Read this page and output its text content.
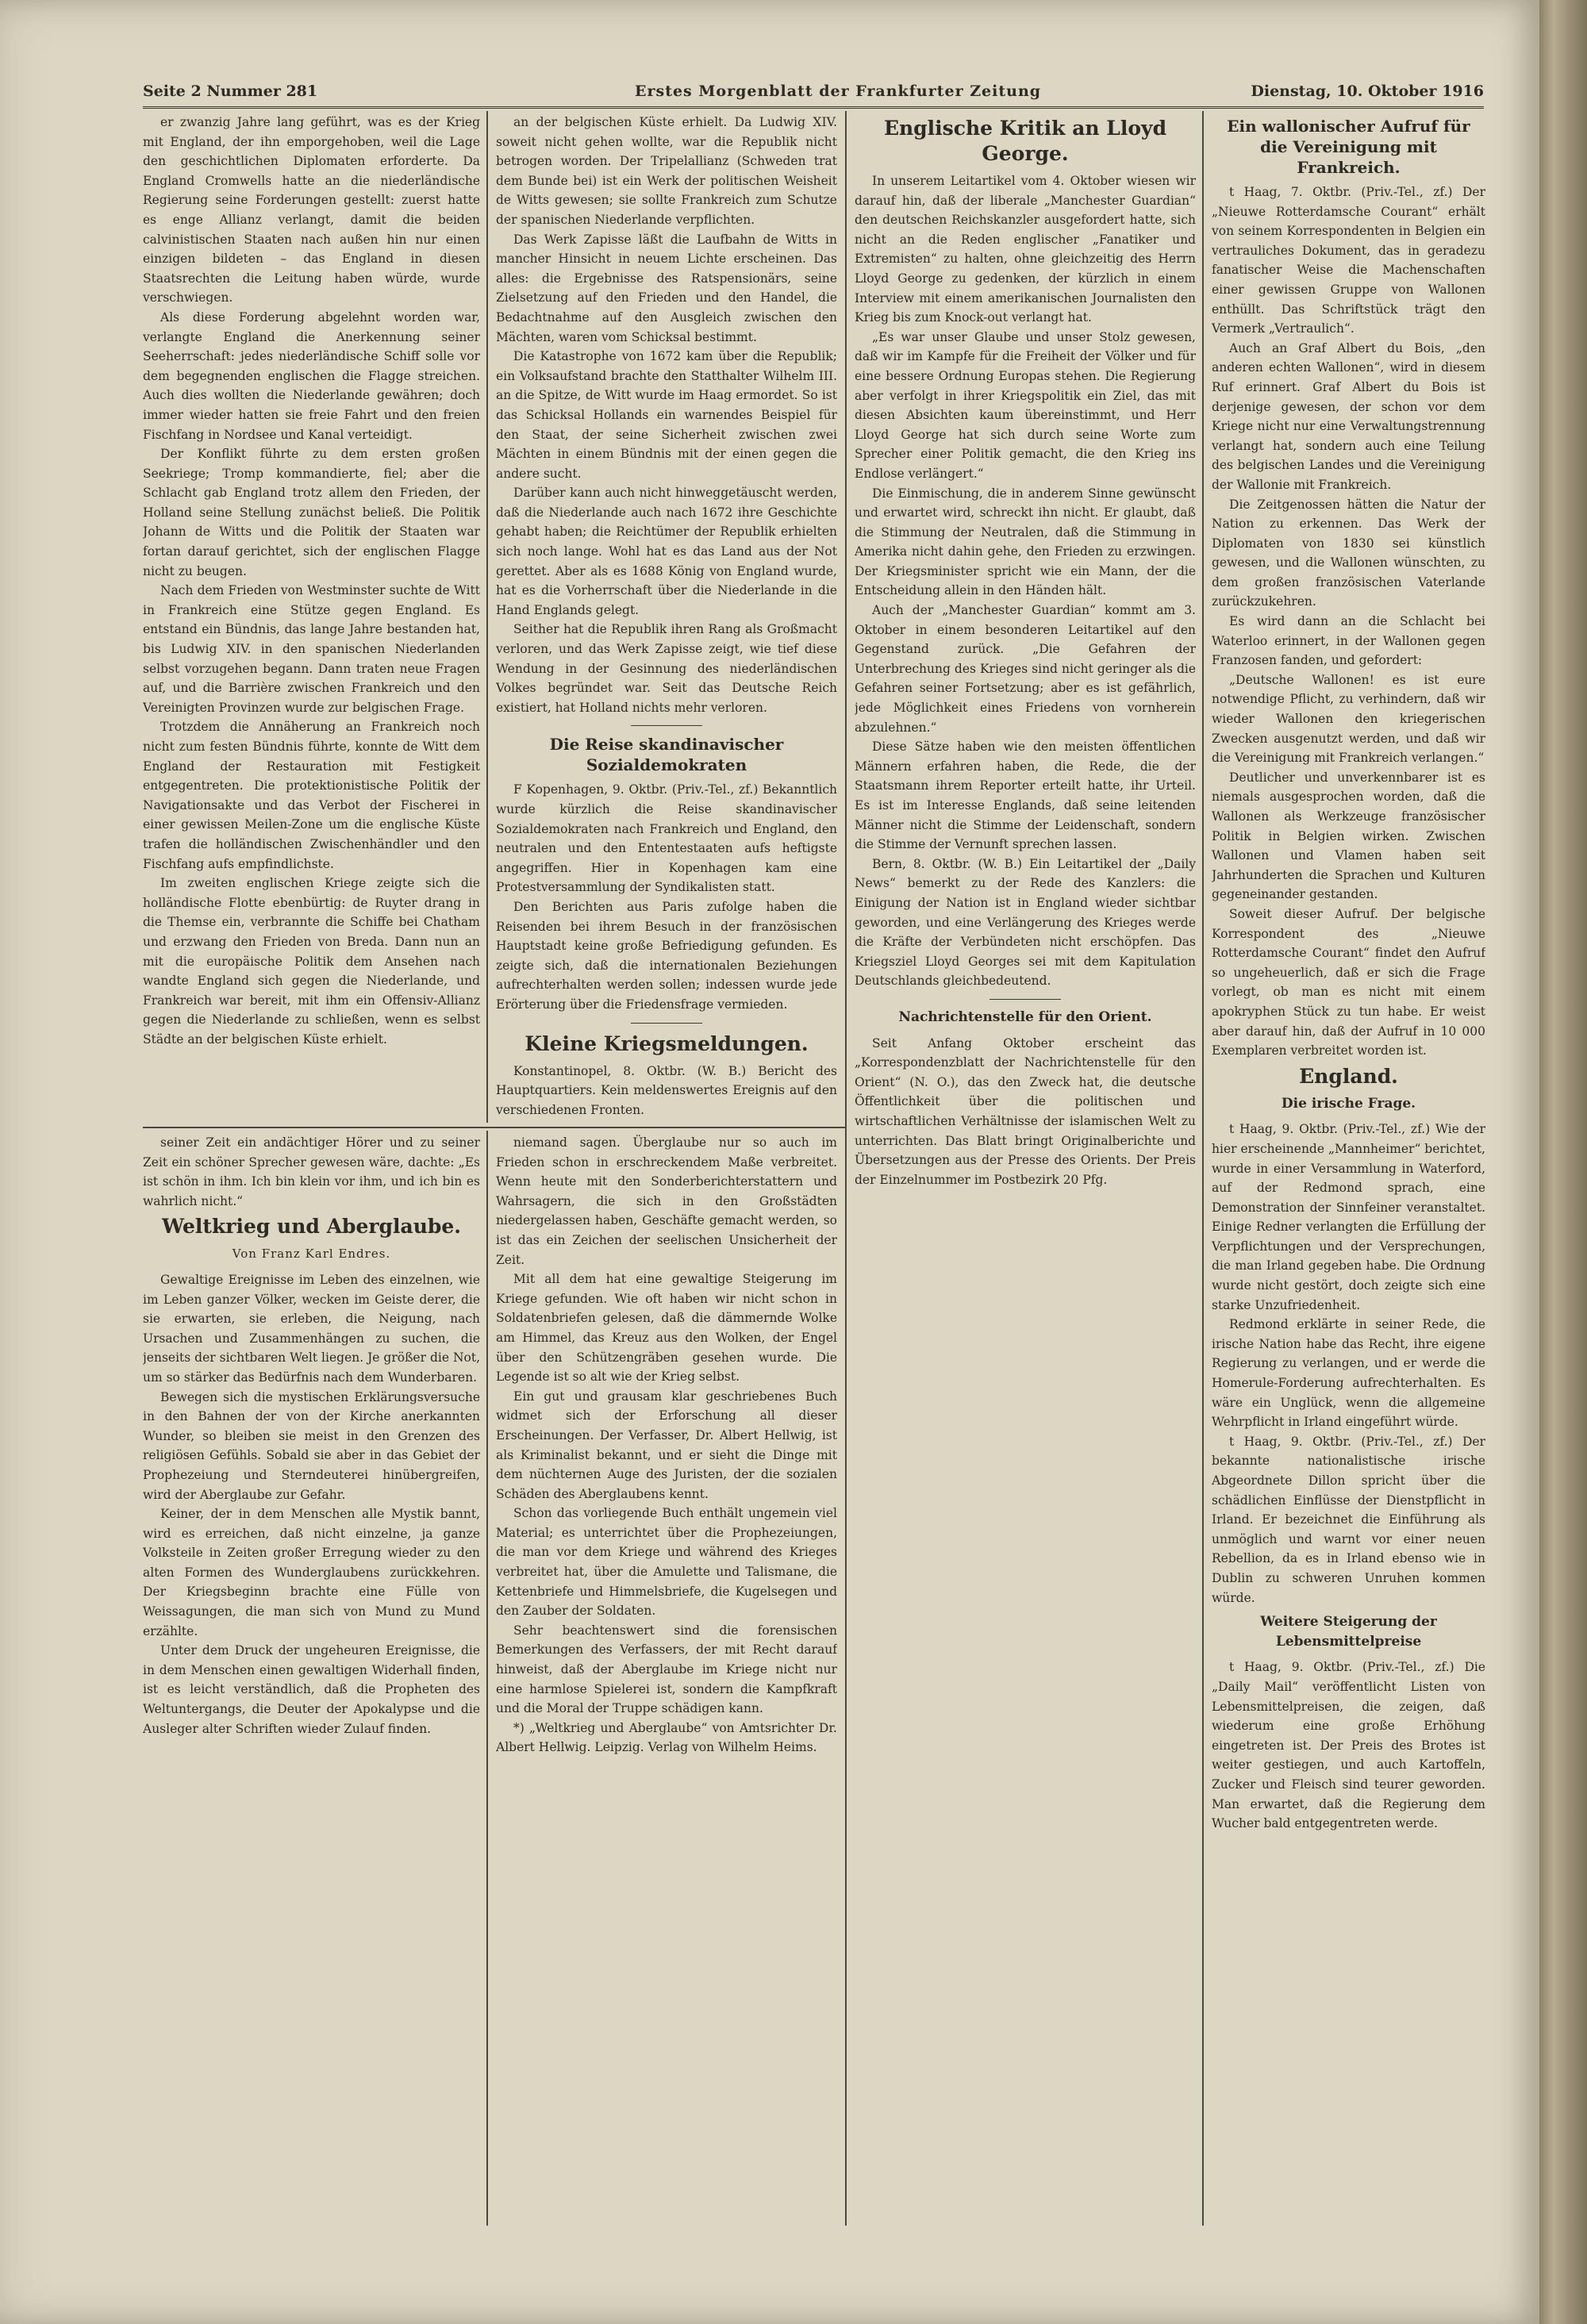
Seite 2 Nummer 281	Erstes Morgenblatt der Frankfurter Zeitung	Dienstag, 10. Oktober 1916

er zwanzig Jahre lang geführt, was es der Krieg mit England, der ihn emporgehoben, weil die Lage den geschichtlichen Diplomaten erforderte. Da England Cromwells hatte an die niederländische Regierung seine Forderungen gestellt: zuerst hatte es enge Allianz verlangt, damit die beiden calvinistischen Staaten nach außen hin nur einen einzigen bildeten – das England in diesen Staatsrechten die Leitung haben würde, wurde verschwiegen.

Als diese Forderung abgelehnt worden war, verlangte England die Anerkennung seiner Seeherrschaft: jedes niederländische Schiff solle vor dem begegnenden englischen die Flagge streichen. Auch dies wollten die Niederlande gewähren; doch immer wieder hatten sie freie Fahrt und den freien Fischfang in Nordsee und Kanal verteidigt.

Der Konflikt führte zu dem ersten großen Seekriege; Tromp kommandierte, fiel; aber die Schlacht gab England trotz allem den Frieden, der Holland seine Stellung zunächst beließ. Die Politik Johann de Witts und die Politik der Staaten war fortan darauf gerichtet, sich der englischen Flagge nicht zu beugen.

Nach dem Frieden von Westminster suchte de Witt in Frankreich eine Stütze gegen England. Es entstand ein Bündnis, das lange Jahre bestanden hat, bis Ludwig XIV. in den spanischen Niederlanden selbst vorzugehen begann. Dann traten neue Fragen auf, und die Barrière zwischen Frankreich und den Vereinigten Provinzen wurde zur belgischen Frage.

Trotzdem die Annäherung an Frankreich noch nicht zum festen Bündnis führte, konnte de Witt dem England der Restauration mit Festigkeit entgegentreten. Die protektionistische Politik der Navigationsakte und das Verbot der Fischerei in einer gewissen Meilen-Zone um die englische Küste trafen die holländischen Zwischenhändler und den Fischfang aufs empfindlichste.

Im zweiten englischen Kriege zeigte sich die holländische Flotte ebenbürtig: de Ruyter drang in die Themse ein, verbrannte die Schiffe bei Chatham und erzwang den Frieden von Breda. Dann nun an mit die europäische Politik dem Ansehen nach wandte England sich gegen die Niederlande, und Frankreich war bereit, mit ihm ein Offensiv-Allianz gegen die Niederlande zu schließen, wenn es selbst Städte an der belgischen Küste erhielt.

an der belgischen Küste erhielt. Da Ludwig XIV. soweit nicht gehen wollte, war die Republik nicht betrogen worden. Der Tripelallianz (Schweden trat dem Bunde bei) ist ein Werk der politischen Weisheit de Witts gewesen; sie sollte Frankreich zum Schutze der spanischen Niederlande verpflichten.

Das Werk Zapisse läßt die Laufbahn de Witts in mancher Hinsicht in neuem Lichte erscheinen. Das alles: die Ergebnisse des Ratspensionärs, seine Zielsetzung auf den Frieden und den Handel, die Bedachtnahme auf den Ausgleich zwischen den Mächten, waren vom Schicksal bestimmt.

Die Katastrophe von 1672 kam über die Republik; ein Volksaufstand brachte den Statthalter Wilhelm III. an die Spitze, de Witt wurde im Haag ermordet. So ist das Schicksal Hollands ein warnendes Beispiel für den Staat, der seine Sicherheit zwischen zwei Mächten in einem Bündnis mit der einen gegen die andere sucht.

Darüber kann auch nicht hinweggetäuscht werden, daß die Niederlande auch nach 1672 ihre Geschichte gehabt haben; die Reichtümer der Republik erhielten sich noch lange. Wohl hat es das Land aus der Not gerettet. Aber als es 1688 König von England wurde, hat es die Vorherrschaft über die Niederlande in die Hand Englands gelegt.

Seither hat die Republik ihren Rang als Großmacht verloren, und das Werk Zapisse zeigt, wie tief diese Wendung in der Gesinnung des niederländischen Volkes begründet war. Seit das Deutsche Reich existiert, hat Holland nichts mehr verloren.

Die Reise skandinavischer Sozialdemokraten

F Kopenhagen, 9. Oktbr. (Priv.-Tel., zf.) Bekanntlich wurde kürzlich die Reise skandinavischer Sozialdemokraten nach Frankreich und England, den neutralen und den Ententestaaten aufs heftigste angegriffen. Hier in Kopenhagen kam eine Protestversammlung der Syndikalisten statt.

Den Berichten aus Paris zufolge haben die Reisenden bei ihrem Besuch in der französischen Hauptstadt keine große Befriedigung gefunden. Es zeigte sich, daß die internationalen Beziehungen aufrechterhalten werden sollen; indessen wurde jede Erörterung über die Friedensfrage vermieden.

Kleine Kriegsmeldungen.

Konstantinopel, 8. Oktbr. (W. B.) Bericht des Hauptquartiers. Kein meldenswertes Ereignis auf den verschiedenen Fronten.

seiner Zeit ein andächtiger Hörer und zu seiner Zeit ein schöner Sprecher gewesen wäre, dachte: „Es ist schön in ihm. Ich bin klein vor ihm, und ich bin es wahrlich nicht.“

Weltkrieg und Aberglaube.
Von Franz Karl Endres.

Gewaltige Ereignisse im Leben des einzelnen, wie im Leben ganzer Völker, wecken im Geiste derer, die sie erwarten, sie erleben, die Neigung, nach Ursachen und Zusammenhängen zu suchen, die jenseits der sichtbaren Welt liegen. Je größer die Not, um so stärker das Bedürfnis nach dem Wunderbaren.

Bewegen sich die mystischen Erklärungsversuche in den Bahnen der von der Kirche anerkannten Wunder, so bleiben sie meist in den Grenzen des religiösen Gefühls. Sobald sie aber in das Gebiet der Prophezeiung und Sterndeuterei hinübergreifen, wird der Aberglaube zur Gefahr.

Keiner, der in dem Menschen alle Mystik bannt, wird es erreichen, daß nicht einzelne, ja ganze Volksteile in Zeiten großer Erregung wieder zu den alten Formen des Wunderglaubens zurückkehren. Der Kriegsbeginn brachte eine Fülle von Weissagungen, die man sich von Mund zu Mund erzählte.

Unter dem Druck der ungeheuren Ereignisse, die in dem Menschen einen gewaltigen Widerhall finden, ist es leicht verständlich, daß die Propheten des Weltuntergangs, die Deuter der Apokalypse und die Ausleger alter Schriften wieder Zulauf finden.

niemand sagen. Überglaube nur so auch im Frieden schon in erschreckendem Maße verbreitet. Wenn heute mit den Sonderberichterstattern und Wahrsagern, die sich in den Großstädten niedergelassen haben, Geschäfte gemacht werden, so ist das ein Zeichen der seelischen Unsicherheit der Zeit.

Mit all dem hat eine gewaltige Steigerung im Kriege gefunden. Wie oft haben wir nicht schon in Soldatenbriefen gelesen, daß die dämmernde Wolke am Himmel, das Kreuz aus den Wolken, der Engel über den Schützengräben gesehen wurde. Die Legende ist so alt wie der Krieg selbst.

Ein gut und grausam klar geschriebenes Buch widmet sich der Erforschung all dieser Erscheinungen. Der Verfasser, Dr. Albert Hellwig, ist als Kriminalist bekannt, und er sieht die Dinge mit dem nüchternen Auge des Juristen, der die sozialen Schäden des Aberglaubens kennt.

Schon das vorliegende Buch enthält ungemein viel Material; es unterrichtet über die Prophezeiungen, die man vor dem Kriege und während des Krieges verbreitet hat, über die Amulette und Talismane, die Kettenbriefe und Himmelsbriefe, die Kugelsegen und den Zauber der Soldaten.

Sehr beachtenswert sind die forensischen Bemerkungen des Verfassers, der mit Recht darauf hinweist, daß der Aberglaube im Kriege nicht nur eine harmlose Spielerei ist, sondern die Kampfkraft und die Moral der Truppe schädigen kann.

*) „Weltkrieg und Aberglaube“ von Amtsrichter Dr. Albert Hellwig. Leipzig. Verlag von Wilhelm Heims.

Englische Kritik an Lloyd George.

In unserem Leitartikel vom 4. Oktober wiesen wir darauf hin, daß der liberale „Manchester Guardian“ den deutschen Reichskanzler ausgefordert hatte, sich nicht an die Reden englischer „Fanatiker und Extremisten“ zu halten, ohne gleichzeitig des Herrn Lloyd George zu gedenken, der kürzlich in einem Interview mit einem amerikanischen Journalisten den Krieg bis zum Knock-out verlangt hat.

„Es war unser Glaube und unser Stolz gewesen, daß wir im Kampfe für die Freiheit der Völker und für eine bessere Ordnung Europas stehen. Die Regierung aber verfolgt in ihrer Kriegspolitik ein Ziel, das mit diesen Absichten kaum übereinstimmt, und Herr Lloyd George hat sich durch seine Worte zum Sprecher einer Politik gemacht, die den Krieg ins Endlose verlängert.“

Die Einmischung, die in anderem Sinne gewünscht und erwartet wird, schreckt ihn nicht. Er glaubt, daß die Stimmung der Neutralen, daß die Stimmung in Amerika nicht dahin gehe, den Frieden zu erzwingen. Der Kriegsminister spricht wie ein Mann, der die Entscheidung allein in den Händen hält.

Auch der „Manchester Guardian“ kommt am 3. Oktober in einem besonderen Leitartikel auf den Gegenstand zurück. „Die Gefahren der Unterbrechung des Krieges sind nicht geringer als die Gefahren seiner Fortsetzung; aber es ist gefährlich, jede Möglichkeit eines Friedens von vornherein abzulehnen.“

Diese Sätze haben wie den meisten öffentlichen Männern erfahren haben, die Rede, die der Staatsmann ihrem Reporter erteilt hatte, ihr Urteil. Es ist im Interesse Englands, daß seine leitenden Männer nicht die Stimme der Leidenschaft, sondern die Stimme der Vernunft sprechen lassen.

Bern, 8. Oktbr. (W. B.) Ein Leitartikel der „Daily News“ bemerkt zu der Rede des Kanzlers: die Einigung der Nation ist in England wieder sichtbar geworden, und eine Verlängerung des Krieges werde die Kräfte der Verbündeten nicht erschöpfen. Das Kriegsziel Lloyd Georges sei mit dem Kapitulation Deutschlands gleichbedeutend.

Nachrichtenstelle für den Orient.

Seit Anfang Oktober erscheint das „Korrespondenzblatt der Nachrichtenstelle für den Orient“ (N. O.), das den Zweck hat, die deutsche Öffentlichkeit über die politischen und wirtschaftlichen Verhältnisse der islamischen Welt zu unterrichten. Das Blatt bringt Originalberichte und Übersetzungen aus der Presse des Orients. Der Preis der Einzelnummer im Postbezirk 20 Pfg.

Ein wallonischer Aufruf für die Vereinigung mit Frankreich.

t Haag, 7. Oktbr. (Priv.-Tel., zf.) Der „Nieuwe Rotterdamsche Courant“ erhält von seinem Korrespondenten in Belgien ein vertrauliches Dokument, das in geradezu fanatischer Weise die Machenschaften einer gewissen Gruppe von Wallonen enthüllt. Das Schriftstück trägt den Vermerk „Vertraulich“.

Auch an Graf Albert du Bois, „den anderen echten Wallonen“, wird in diesem Ruf erinnert. Graf Albert du Bois ist derjenige gewesen, der schon vor dem Kriege nicht nur eine Verwaltungstrennung verlangt hat, sondern auch eine Teilung des belgischen Landes und die Vereinigung der Wallonie mit Frankreich.

Die Zeitgenossen hätten die Natur der Nation zu erkennen. Das Werk der Diplomaten von 1830 sei künstlich gewesen, und die Wallonen wünschten, zu dem großen französischen Vaterlande zurückzukehren.

Es wird dann an die Schlacht bei Waterloo erinnert, in der Wallonen gegen Franzosen fanden, und gefordert:

„Deutsche Wallonen! es ist eure notwendige Pflicht, zu verhindern, daß wir wieder Wallonen den kriegerischen Zwecken ausgenutzt werden, und daß wir die Vereinigung mit Frankreich verlangen.“

Deutlicher und unverkennbarer ist es niemals ausgesprochen worden, daß die Wallonen als Werkzeuge französischer Politik in Belgien wirken. Zwischen Wallonen und Vlamen haben seit Jahrhunderten die Sprachen und Kulturen gegeneinander gestanden.

Soweit dieser Aufruf. Der belgische Korrespondent des „Nieuwe Rotterdamsche Courant“ findet den Aufruf so ungeheuerlich, daß er sich die Frage vorlegt, ob man es nicht mit einem apokryphen Stück zu tun habe. Er weist aber darauf hin, daß der Aufruf in 10 000 Exemplaren verbreitet worden ist.

England.
Die irische Frage.

t Haag, 9. Oktbr. (Priv.-Tel., zf.) Wie der hier erscheinende „Mannheimer“ berichtet, wurde in einer Versammlung in Waterford, auf der Redmond sprach, eine Demonstration der Sinnfeiner veranstaltet. Einige Redner verlangten die Erfüllung der Verpflichtungen und der Versprechungen, die man Irland gegeben habe. Die Ordnung wurde nicht gestört, doch zeigte sich eine starke Unzufriedenheit.

Redmond erklärte in seiner Rede, die irische Nation habe das Recht, ihre eigene Regierung zu verlangen, und er werde die Homerule-Forderung aufrechterhalten. Es wäre ein Unglück, wenn die allgemeine Wehrpflicht in Irland eingeführt würde.

t Haag, 9. Oktbr. (Priv.-Tel., zf.) Der bekannte nationalistische irische Abgeordnete Dillon spricht über die schädlichen Einflüsse der Dienstpflicht in Irland. Er bezeichnet die Einführung als unmöglich und warnt vor einer neuen Rebellion, da es in Irland ebenso wie in Dublin zu schweren Unruhen kommen würde.

Weitere Steigerung der Lebensmittelpreise

t Haag, 9. Oktbr. (Priv.-Tel., zf.) Die „Daily Mail“ veröffentlicht Listen von Lebensmittelpreisen, die zeigen, daß wiederum eine große Erhöhung eingetreten ist. Der Preis des Brotes ist weiter gestiegen, und auch Kartoffeln, Zucker und Fleisch sind teurer geworden. Man erwartet, daß die Regierung dem Wucher bald entgegentreten werde.
